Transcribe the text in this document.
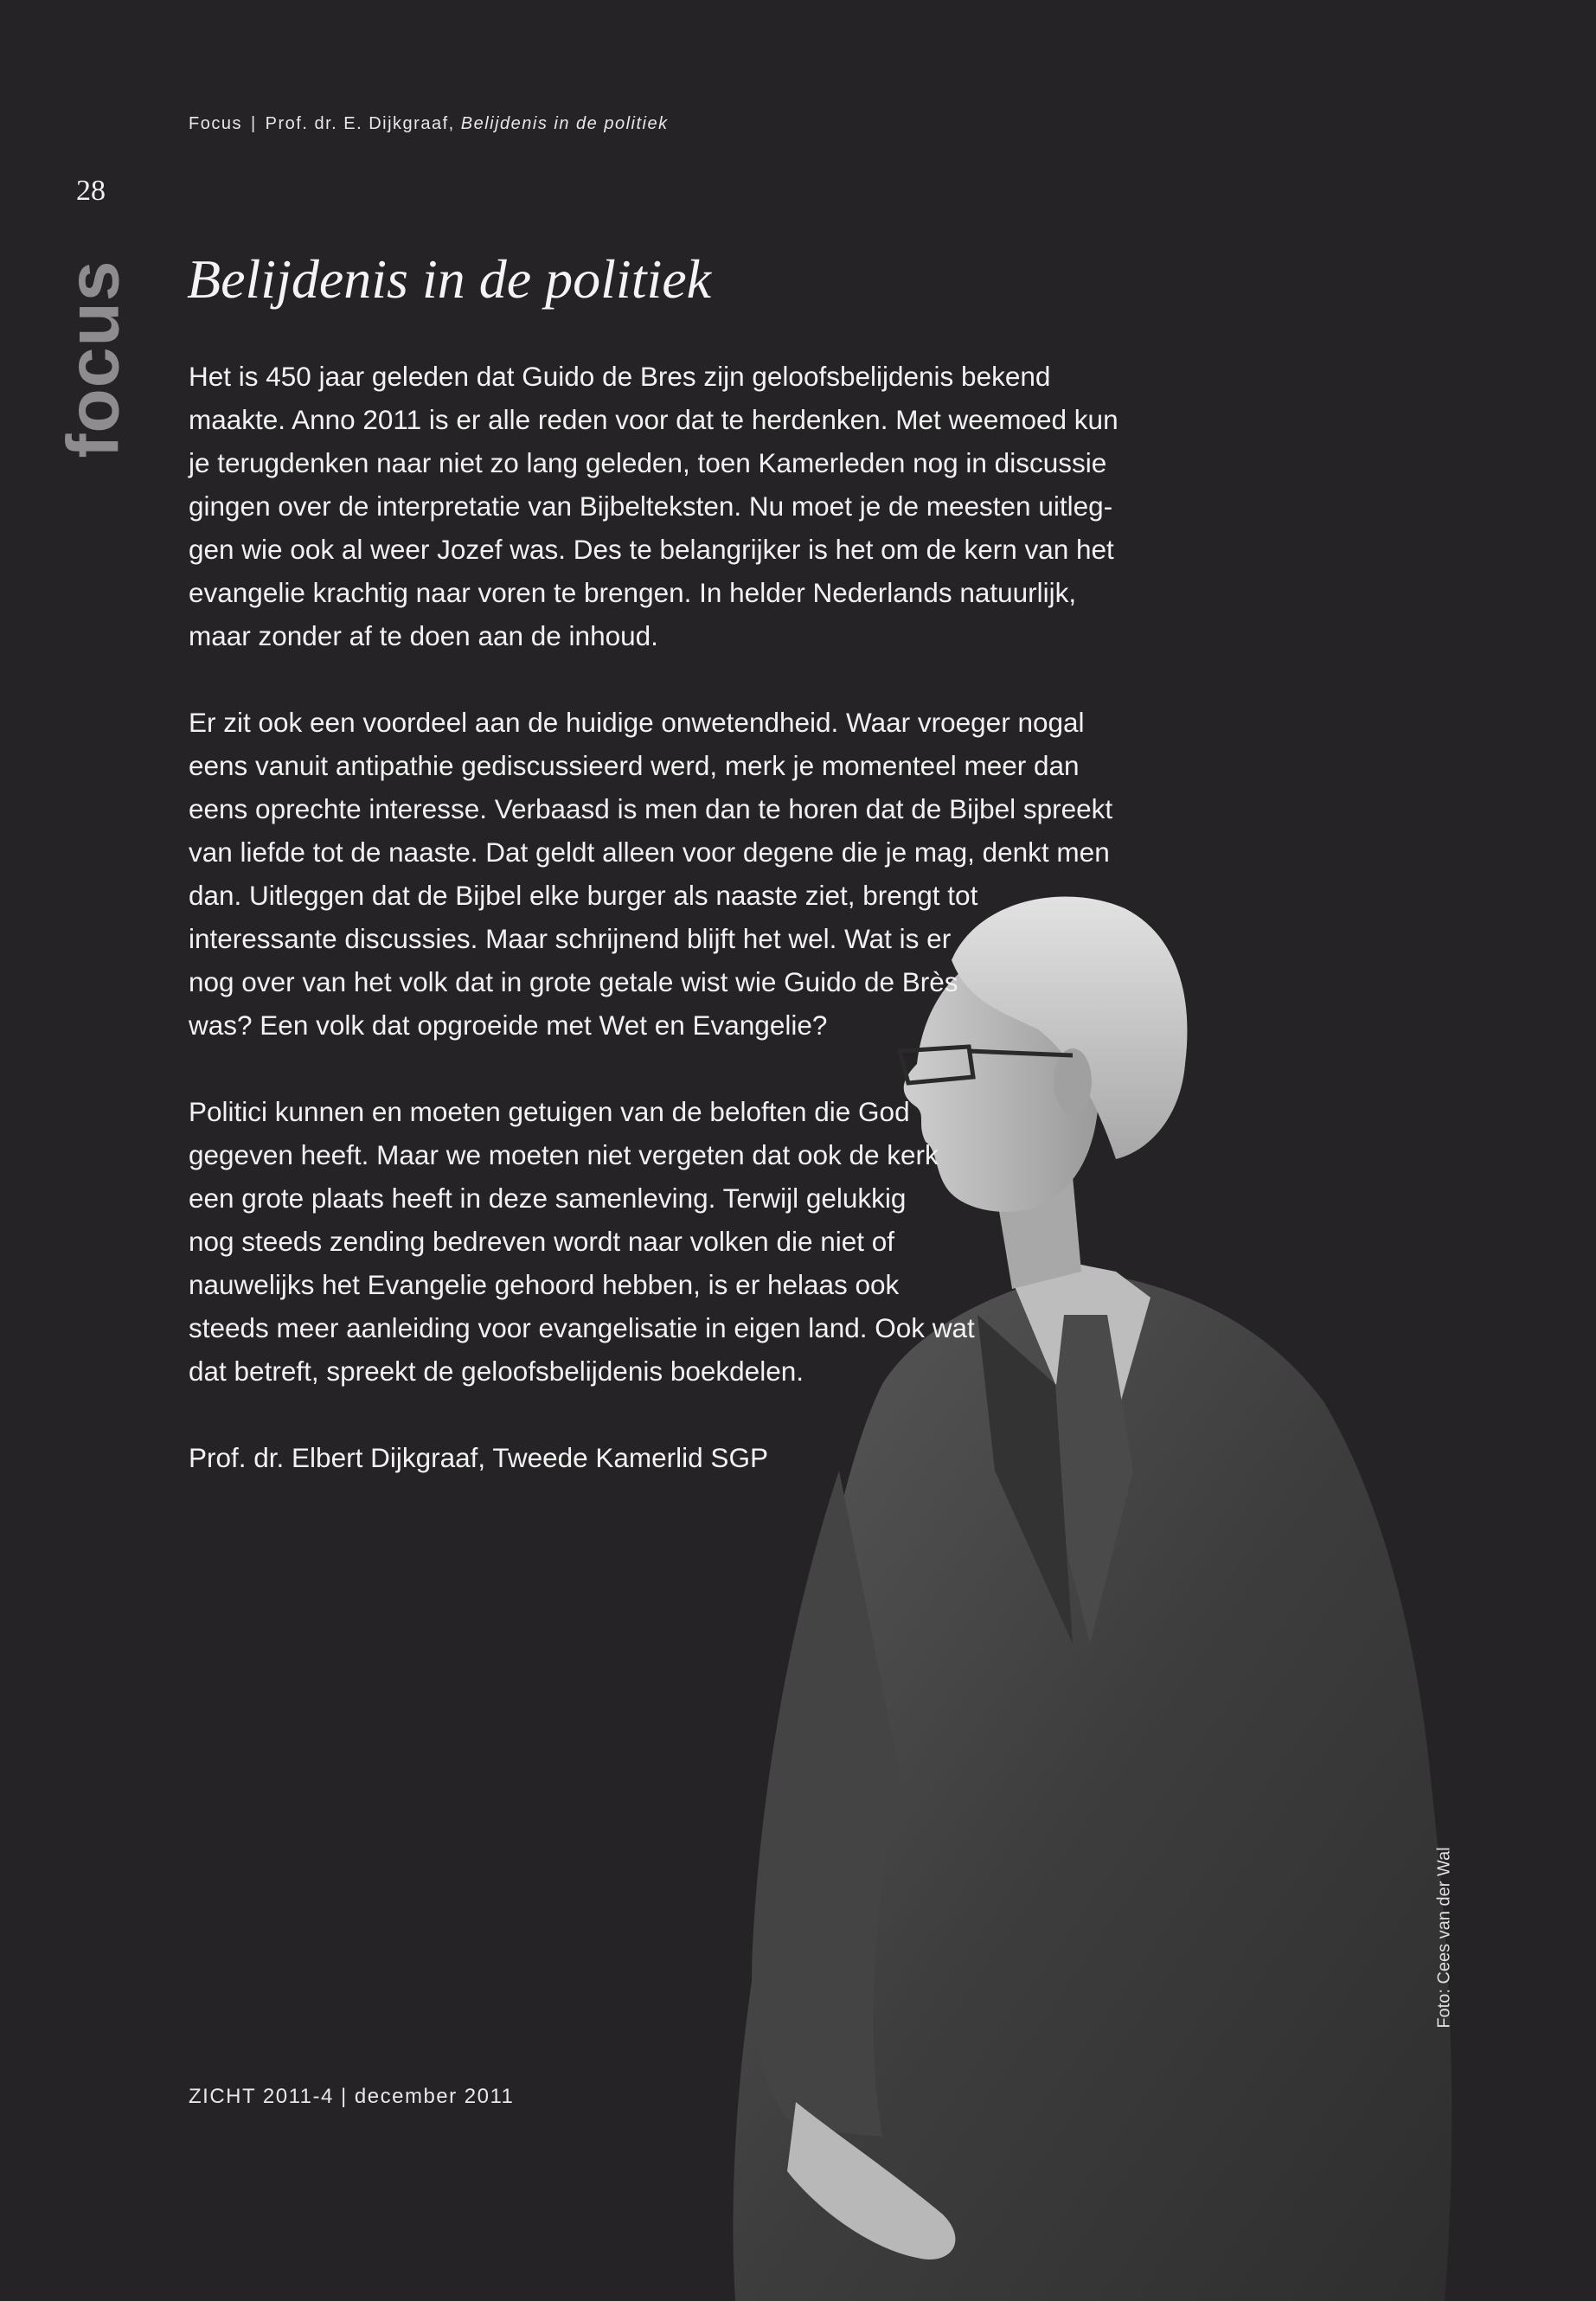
Focus | Prof. dr. E. Dijkgraaf, Belijdenis in de politiek
28
focus Belijdenis in de politiek
Foto: Cees van der Wal

Het is 450 jaar geleden dat Guido de Bres zijn geloofsbelijdenis bekend
maakte. Anno 2011 is er alle reden voor dat te herdenken. Met weemoed kun
je terugdenken naar niet zo lang geleden, toen Kamerleden nog in discussie
gingen over de interpretatie van Bijbelteksten. Nu moet je de meesten uitleg-
gen wie ook al weer Jozef was. Des te belangrijker is het om de kern van het
evangelie krachtig naar voren te brengen. In helder Nederlands natuurlijk,
maar zonder af te doen aan de inhoud.

Er zit ook een voordeel aan de huidige onwetendheid. Waar vroeger nogal
eens vanuit antipathie gediscussieerd werd, merk je momenteel meer dan
eens oprechte interesse. Verbaasd is men dan te horen dat de Bijbel spreekt
van liefde tot de naaste. Dat geldt alleen voor degene die je mag, denkt men
dan. Uitleggen dat de Bijbel elke burger als naaste ziet, brengt tot
interessante discussies. Maar schrijnend blijft het wel. Wat is er
nog over van het volk dat in grote getale wist wie Guido de Brès
was? Een volk dat opgroeide met Wet en Evangelie?

Politici kunnen en moeten getuigen van de beloften die God
gegeven heeft. Maar we moeten niet vergeten dat ook de kerk
een grote plaats heeft in deze samenleving. Terwijl gelukkig
nog steeds zending bedreven wordt naar volken die niet of
nauwelijks het Evangelie gehoord hebben, is er helaas ook
steeds meer aanleiding voor evangelisatie in eigen land. Ook wat
dat betreft, spreekt de geloofsbelijdenis boekdelen.

Prof. dr. Elbert Dijkgraaf, Tweede Kamerlid SGP

ZICHT 2011-4 | december 2011
